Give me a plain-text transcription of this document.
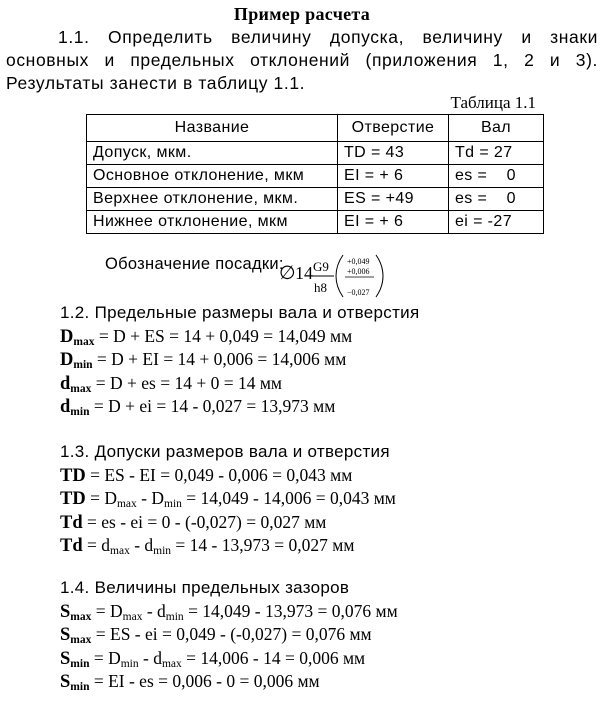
Пример расчета
1.1. Определить величину допуска, величину и знаки основных и предельных отклонений (приложения 1, 2 и 3). Результаты занести в таблицу 1.1.
Таблица 1.1
Название	Отверстие	Вал
Допуск, мкм.	TD = 43	Td = 27
Основное отклонение, мкм	EI = + 6	es =    0
Верхнее отклонение, мкм.	ES = +49	es =    0
Нижнее отклонение, мкм	EI = + 6	ei = -27
Обозначение посадки:
∅ 14 G9
h8
+0,049
+0,006
−0,027
1.2. Предельные размеры вала и отверстия
$D_{max} = D$ + ES = 14 + 0,049 = 14,049 мм
$D_{min} = D$ + EI = 14 + 0,006 = 14,006 мм
$d_{max} = D$ + es = 14 + 0 = 14 мм
$d_{min} = D$ + ei = 14 - 0,027 = 13,973 мм
1.3. Допуски размеров вала и отверстия
TD = ES - EI = 0,049 - 0,006 = 0,043 мм
TD = $D_{max} - D_{min} = 14,049 - 14,006 = 0,043$ мм
Td = es - ei = 0 - (-0,027) = 0,027 мм
$Td = d_{max} - d_{min} = 14 - 13,973 = 0,027$ мм
1.4. Величины предельных зазоров
$S_{max} = D_{max} - d_{min} = 14,049 - 13,973 = 0,076$ мм
$S_{max}$ = ES - ei = 0,049 - (-0,027) = 0,076 мм
$S_{min} = D_{min} - d_{max} = 14,006 - 14 = 0,006$ мм
$S_{min}$ = EI - es = 0,006 - 0 = 0,006 мм
